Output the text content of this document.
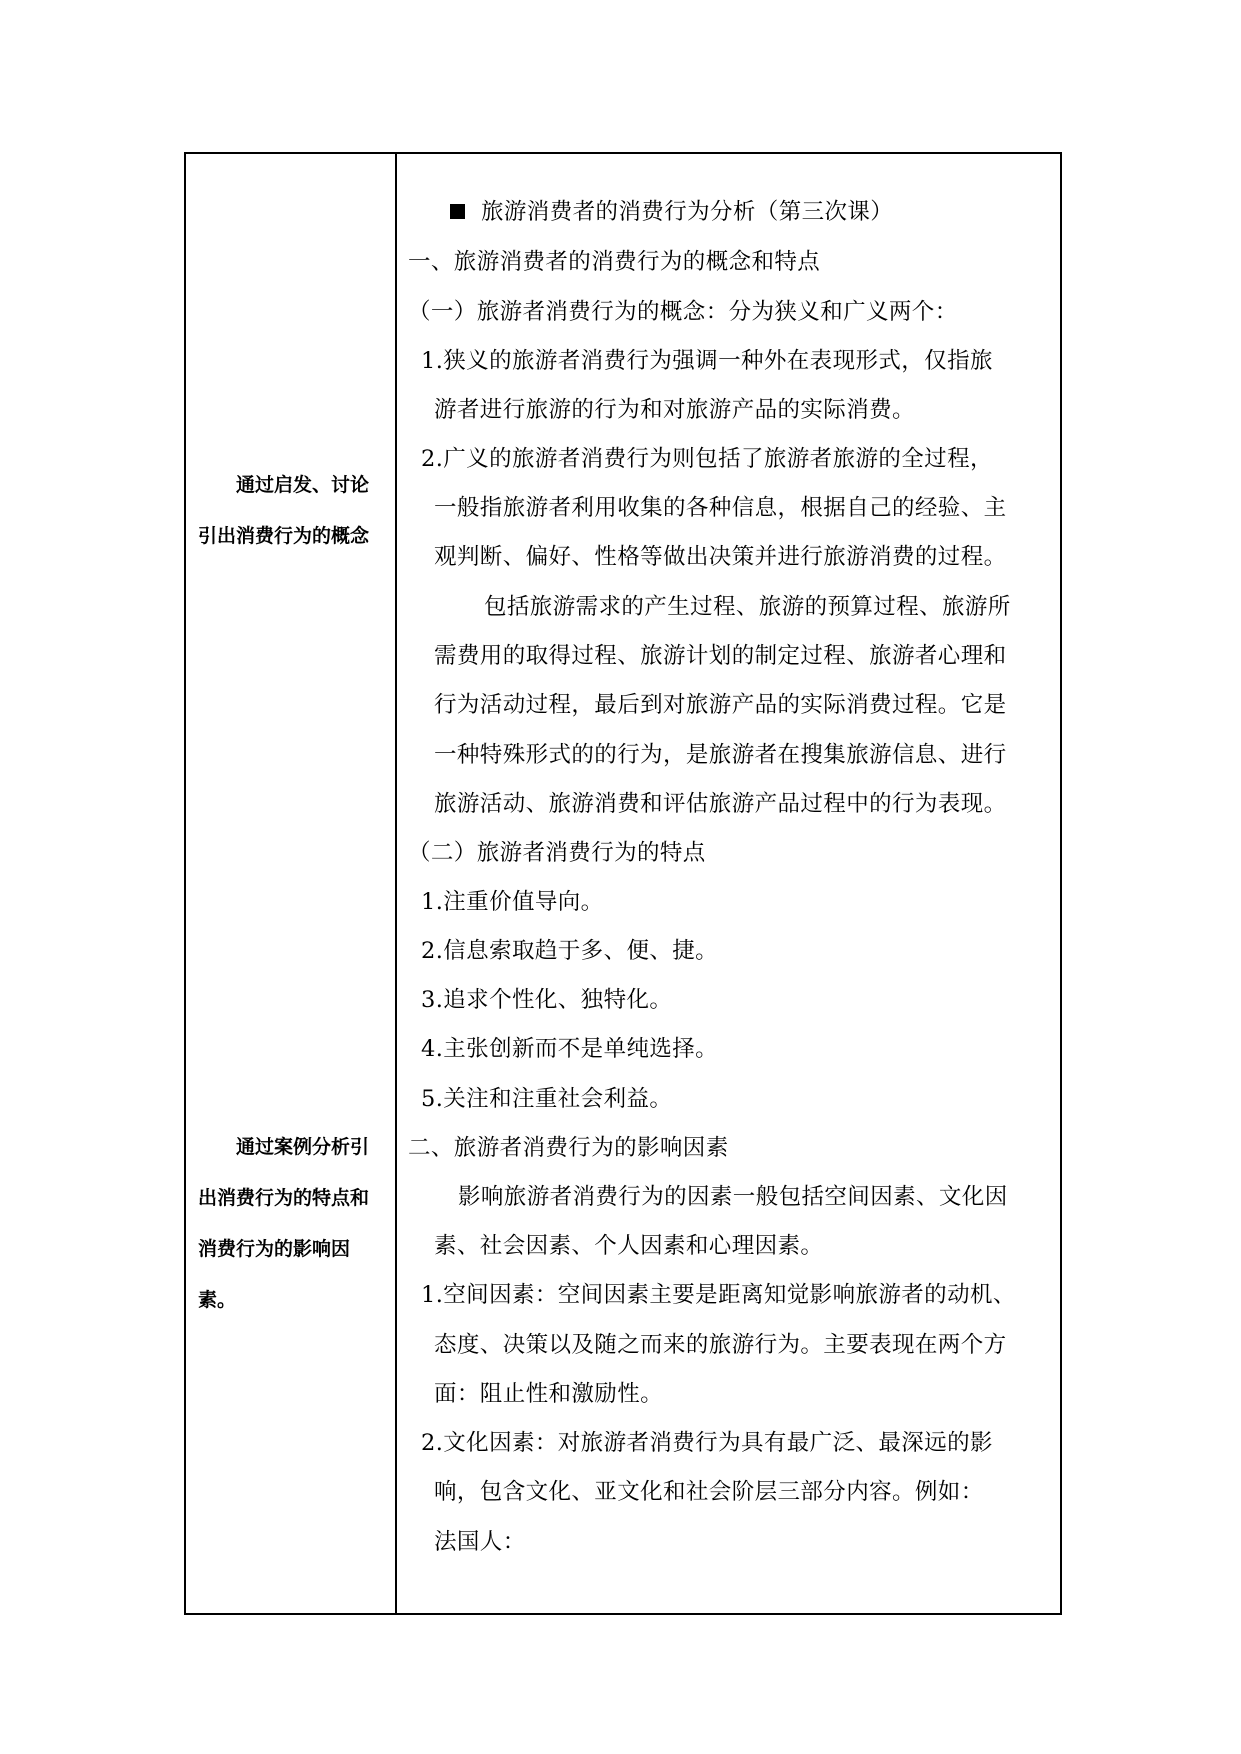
通过启发、讨论引出消费行为的概念

通过案例分析引出消费行为的特点和消费行为的影响因素。

旅游消费者的消费行为分析（第三次课）

一、旅游消费者的消费行为的概念和特点

（一）旅游者消费行为的概念：分为狭义和广义两个：

1.狭义的旅游者消费行为强调一种外在表现形式，仅指旅

游者进行旅游的行为和对旅游产品的实际消费。

2.广义的旅游者消费行为则包括了旅游者旅游的全过程，

一般指旅游者利用收集的各种信息，根据自己的经验、主

观判断、偏好、性格等做出决策并进行旅游消费的过程。

包括旅游需求的产生过程、旅游的预算过程、旅游所

需费用的取得过程、旅游计划的制定过程、旅游者心理和

行为活动过程，最后到对旅游产品的实际消费过程。它是

一种特殊形式的的行为，是旅游者在搜集旅游信息、进行

旅游活动、旅游消费和评估旅游产品过程中的行为表现。

（二）旅游者消费行为的特点

1.注重价值导向。

2.信息索取趋于多、便、捷。

3.追求个性化、独特化。

4.主张创新而不是单纯选择。

5.关注和注重社会利益。

二、旅游者消费行为的影响因素

影响旅游者消费行为的因素一般包括空间因素、文化因

素、社会因素、个人因素和心理因素。

1.空间因素：空间因素主要是距离知觉影响旅游者的动机、

态度、决策以及随之而来的旅游行为。主要表现在两个方

面：阻止性和激励性。

2.文化因素：对旅游者消费行为具有最广泛、最深远的影

响，包含文化、亚文化和社会阶层三部分内容。例如：

法国人：
